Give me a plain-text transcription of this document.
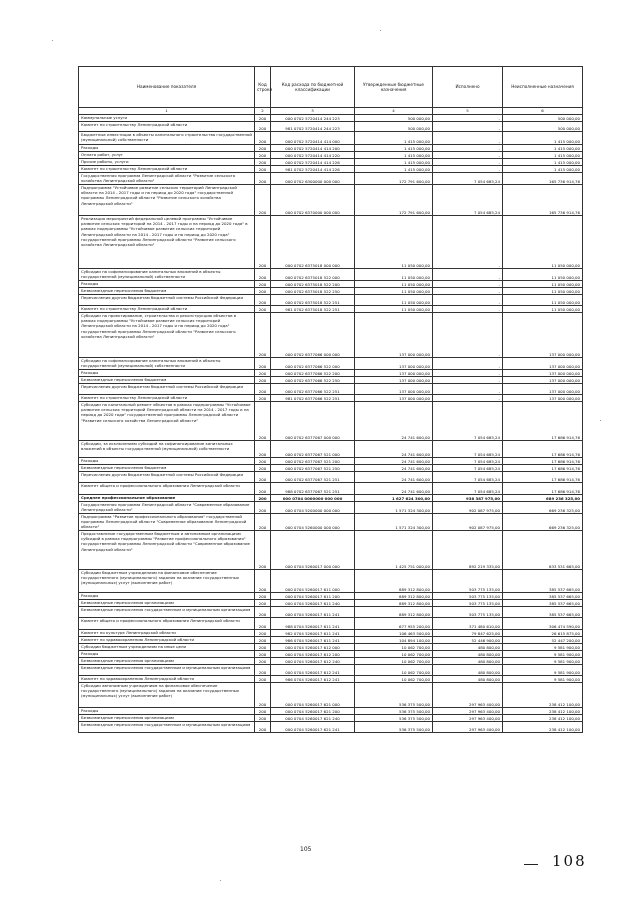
Наименование показателя	Код строки	Код расхода по бюджетной классификации	Утвержденные бюджетные назначения	Исполнено	Неисполненные назначения
1	2	3	4	5	6
Коммунальные услуги	200	000 0702 5720414 244 223	500 000,00	-	500 000,00
Комитет по строительству Ленинградской области	200	981 0702 5720414 244 223	500 000,00	-	500 000,00
Бюджетные инвестиции в объекты капитального строительства государственной (муниципальной) собственности	200	000 0702 5720414 414 000	1 415 000,00	-	1 415 000,00
Расходы	200	000 0702 5720414 414 200	1 415 000,00	-	1 415 000,00
Оплата работ, услуг	200	000 0702 5720414 414 220	1 415 000,00	-	1 415 000,00
Прочие работы, услуги	200	000 0702 5720414 414 226	1 415 000,00	-	1 415 000,00
Комитет по строительству Ленинградской области	200	981 0702 5720414 414 226	1 415 000,00	-	1 415 000,00
Государственная программа Ленинградской области "Развитие сельского хозяйства Ленинградской области"	200	000 0702 6300000 000 000	172 791 600,00	7 054 685,24	165 736 914,76
Подпрограмма "Устойчивое развитие сельских территорий Ленинградской области на 2014 - 2017 годы и на период до 2020 года" государственной программы Ленинградской области "Развитие сельского хозяйства Ленинградской области"	200	000 0702 6370000 000 000	172 791 600,00	7 054 685,24	165 736 914,76
Реализация мероприятий федеральной целевой программы "Устойчивое развитие сельских территорий на 2014 - 2017 годы и на период до 2020 года" в рамках подпрограммы "Устойчивое развитие сельских территорий Ленинградской области на 2014 - 2017 годы и на период до 2020 года" государственной программы Ленинградской области "Развитие сельского хозяйства Ленинградской области"	200	000 0702 6375018 000 000	11 050 000,00	-	11 050 000,00
Субсидии на софинансирование капитальных вложений в объекты государственной (муниципальной) собственности	200	000 0702 6375018 522 000	11 050 000,00	-	11 050 000,00
Расходы	200	000 0702 6375018 522 200	11 050 000,00	-	11 050 000,00
Безвозмездные перечисления бюджетам	200	000 0702 6375018 522 250	11 050 000,00	-	11 050 000,00
Перечисления другим бюджетам бюджетной системы Российской Федерации	200	000 0702 6375018 522 251	11 050 000,00	-	11 050 000,00
Комитет по строительству Ленинградской области	200	981 0702 6375018 522 251	11 050 000,00	-	11 050 000,00
Субсидии на проектирование, строительство и реконструкцию объектов в рамках подпрограммы "Устойчивое развитие сельских территорий Ленинградской области на 2014 - 2017 годы и на период до 2020 года" государственной программы Ленинградской области "Развитие сельского хозяйства Ленинградской области"	200	000 0702 6377066 000 000	137 000 000,00	-	137 000 000,00
Субсидии на софинансирование капитальных вложений в объекты государственной (муниципальной) собственности	200	000 0702 6377066 522 000	137 000 000,00	-	137 000 000,00
Расходы	200	000 0702 6377066 522 200	137 000 000,00	-	137 000 000,00
Безвозмездные перечисления бюджетам	200	000 0702 6377066 522 250	137 000 000,00	-	137 000 000,00
Перечисления другим бюджетам бюджетной системы Российской Федерации	200	000 0702 6377066 522 251	137 000 000,00	-	137 000 000,00
Комитет по строительству Ленинградской области	200	981 0702 6377066 522 251	137 000 000,00	-	137 000 000,00
Субсидии на капитальный ремонт объектов в рамках подпрограммы "Устойчивое развитие сельских территорий Ленинградской области на 2014 - 2017 годы и на период до 2020 года" государственной программы Ленинградской области "Развитие сельского хозяйства Ленинградской области"	200	000 0702 6377067 000 000	24 741 600,00	7 054 685,24	17 686 914,76
Субсидии, за исключением субсидий на софинансирование капитальных вложений в объекты государственной (муниципальной) собственности	200	000 0702 6377067 521 000	24 741 600,00	7 054 685,24	17 686 914,76
Расходы	200	000 0702 6377067 521 200	24 741 600,00	7 054 685,24	17 686 914,76
Безвозмездные перечисления бюджетам	200	000 0702 6377067 521 250	24 741 600,00	7 054 685,24	17 686 914,76
Перечисления другим бюджетам бюджетной системы Российской Федерации	200	000 0702 6377067 521 251	24 741 600,00	7 054 685,24	17 686 914,76
Комитет общего и профессионального образования Ленинградской области	200	988 0702 6377067 521 251	24 741 600,00	7 054 685,24	17 686 914,76
Среднее профессиональное образование	200	000 0704 0000000 000 000	1 627 624 300,00	938 387 975,00	689 236 325,00
Государственная программа Ленинградской области "Современное образование Ленинградской области"	200	000 0704 5200000 000 000	1 571 324 300,00	902 087 975,00	669 236 325,00
Подпрограмма "Развитие профессионального образования" государственной программы Ленинградской области "Современное образование Ленинградской области"	200	000 0704 5260000 000 000	1 571 324 300,00	902 087 975,00	669 236 325,00
Предоставление государственным бюджетным и автономным организациям субсидий в рамках подпрограммы "Развитие профессионального образования" государственной программы Ленинградской области "Современное образование Ленинградской области"	200	000 0704 5260017 000 000	1 425 751 000,00	892 219 335,00	633 531 665,00
Субсидии бюджетным учреждениям на финансовое обеспечение государственного (муниципального) задания на оказание государственных (муниципальных) услуг (выполнение работ)	200	000 0704 5260017 611 000	889 312 800,00	503 775 135,00	385 537 665,00
Расходы	200	000 0704 5260017 611 200	889 312 800,00	503 775 135,00	385 537 665,00
Безвозмездные перечисления организациям	200	000 0704 5260017 611 240	889 312 800,00	503 775 135,00	385 537 665,00
Безвозмездные перечисления государственным и муниципальным организациям	200	000 0704 5260017 611 241	889 312 800,00	503 775 135,00	385 537 665,00
Комитет общего и профессионального образования Ленинградской области	200	988 0704 5260017 611 241	677 955 200,00	371 480 610,00	306 474 590,00
Комитет по культуре Ленинградской области	200	982 0704 5260017 611 241	106 463 500,00	79 847 625,00	26 615 875,00
Комитет по здравоохранению Ленинградской области	200	986 0704 5260017 611 241	104 894 100,00	52 446 900,00	52 447 200,00
Субсидии бюджетным учреждениям на иные цели	200	000 0704 5260017 612 000	10 062 700,00	480 800,00	9 581 900,00
Расходы	200	000 0704 5260017 612 200	10 062 700,00	480 800,00	9 581 900,00
Безвозмездные перечисления организациям	200	000 0704 5260017 612 240	10 062 700,00	480 800,00	9 581 900,00
Безвозмездные перечисления государственным и муниципальным организациям	200	000 0704 5260017 612 241	10 062 700,00	480 800,00	9 581 900,00
Комитет по здравоохранению Ленинградской области	200	986 0704 5260017 612 241	10 062 700,00	480 800,00	9 581 900,00
Субсидии автономным учреждениям на финансовое обеспечение государственного (муниципального) задания на оказание государственных (муниципальных) услуг (выполнение работ)	200	000 0704 5260017 621 000	536 375 500,00	297 963 400,00	238 412 100,00
Расходы	200	000 0704 5260017 621 200	536 375 500,00	297 963 400,00	238 412 100,00
Безвозмездные перечисления организациям	200	000 0704 5260017 621 240	536 375 500,00	297 963 400,00	238 412 100,00
Безвозмездные перечисления государственным и муниципальным организациям	200	000 0704 5260017 621 241	536 375 500,00	297 963 400,00	238 412 100,00
105
108
